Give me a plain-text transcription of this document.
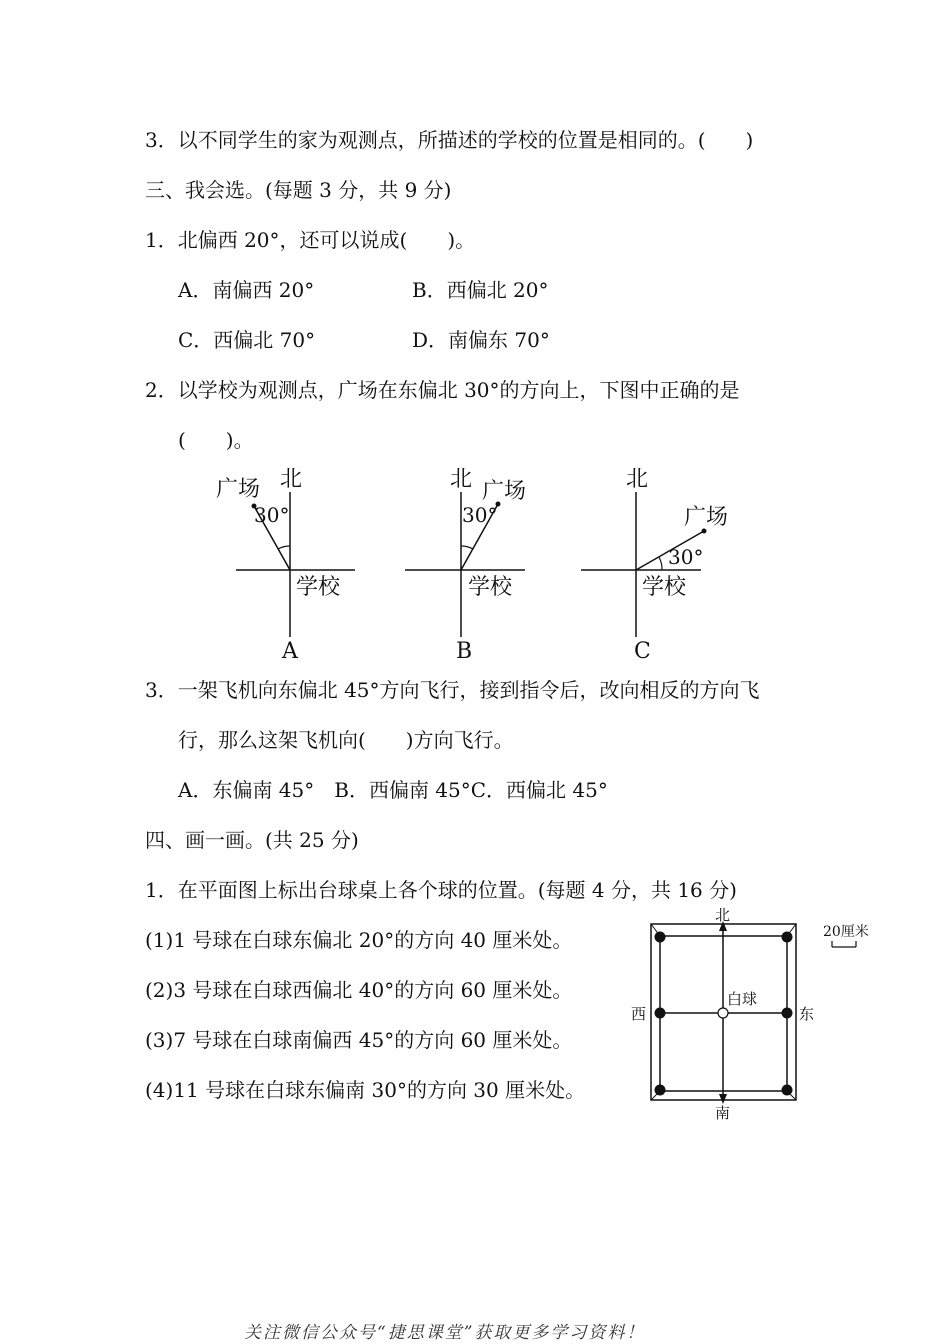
3．以不同学生的家为观测点，所描述的学校的位置是相同的。(　　)
三、我会选。(每题 3 分，共 9 分)
1．北偏西 20°，还可以说成(　　)。
A．南偏西 20°	B．西偏北 20°
C．西偏北 70°	D．南偏东 70°
2．以学校为观测点，广场在东偏北 30°的方向上，下图中正确的是
(　　)。
北
广场
30°
学校
A
北 广场
30°
学校
B
北
广场
30°
学校
C
3．一架飞机向东偏北 45°方向飞行，接到指令后，改向相反的方向飞
行，那么这架飞机向(　　)方向飞行。
A．东偏南 45°　B．西偏南 45°C．西偏北 45°
四、画一画。(共 25 分)
1．在平面图上标出台球桌上各个球的位置。(每题 4 分，共 16 分)
(1)1 号球在白球东偏北 20°的方向 40 厘米处。
(2)3 号球在白球西偏北 40°的方向 60 厘米处。
(3)7 号球在白球南偏西 45°的方向 60 厘米处。
(4)11 号球在白球东偏南 30°的方向 30 厘米处。
北
南
西	东
白球
20厘米
关注微信公众号“捷思课堂”获取更多学习资料！
